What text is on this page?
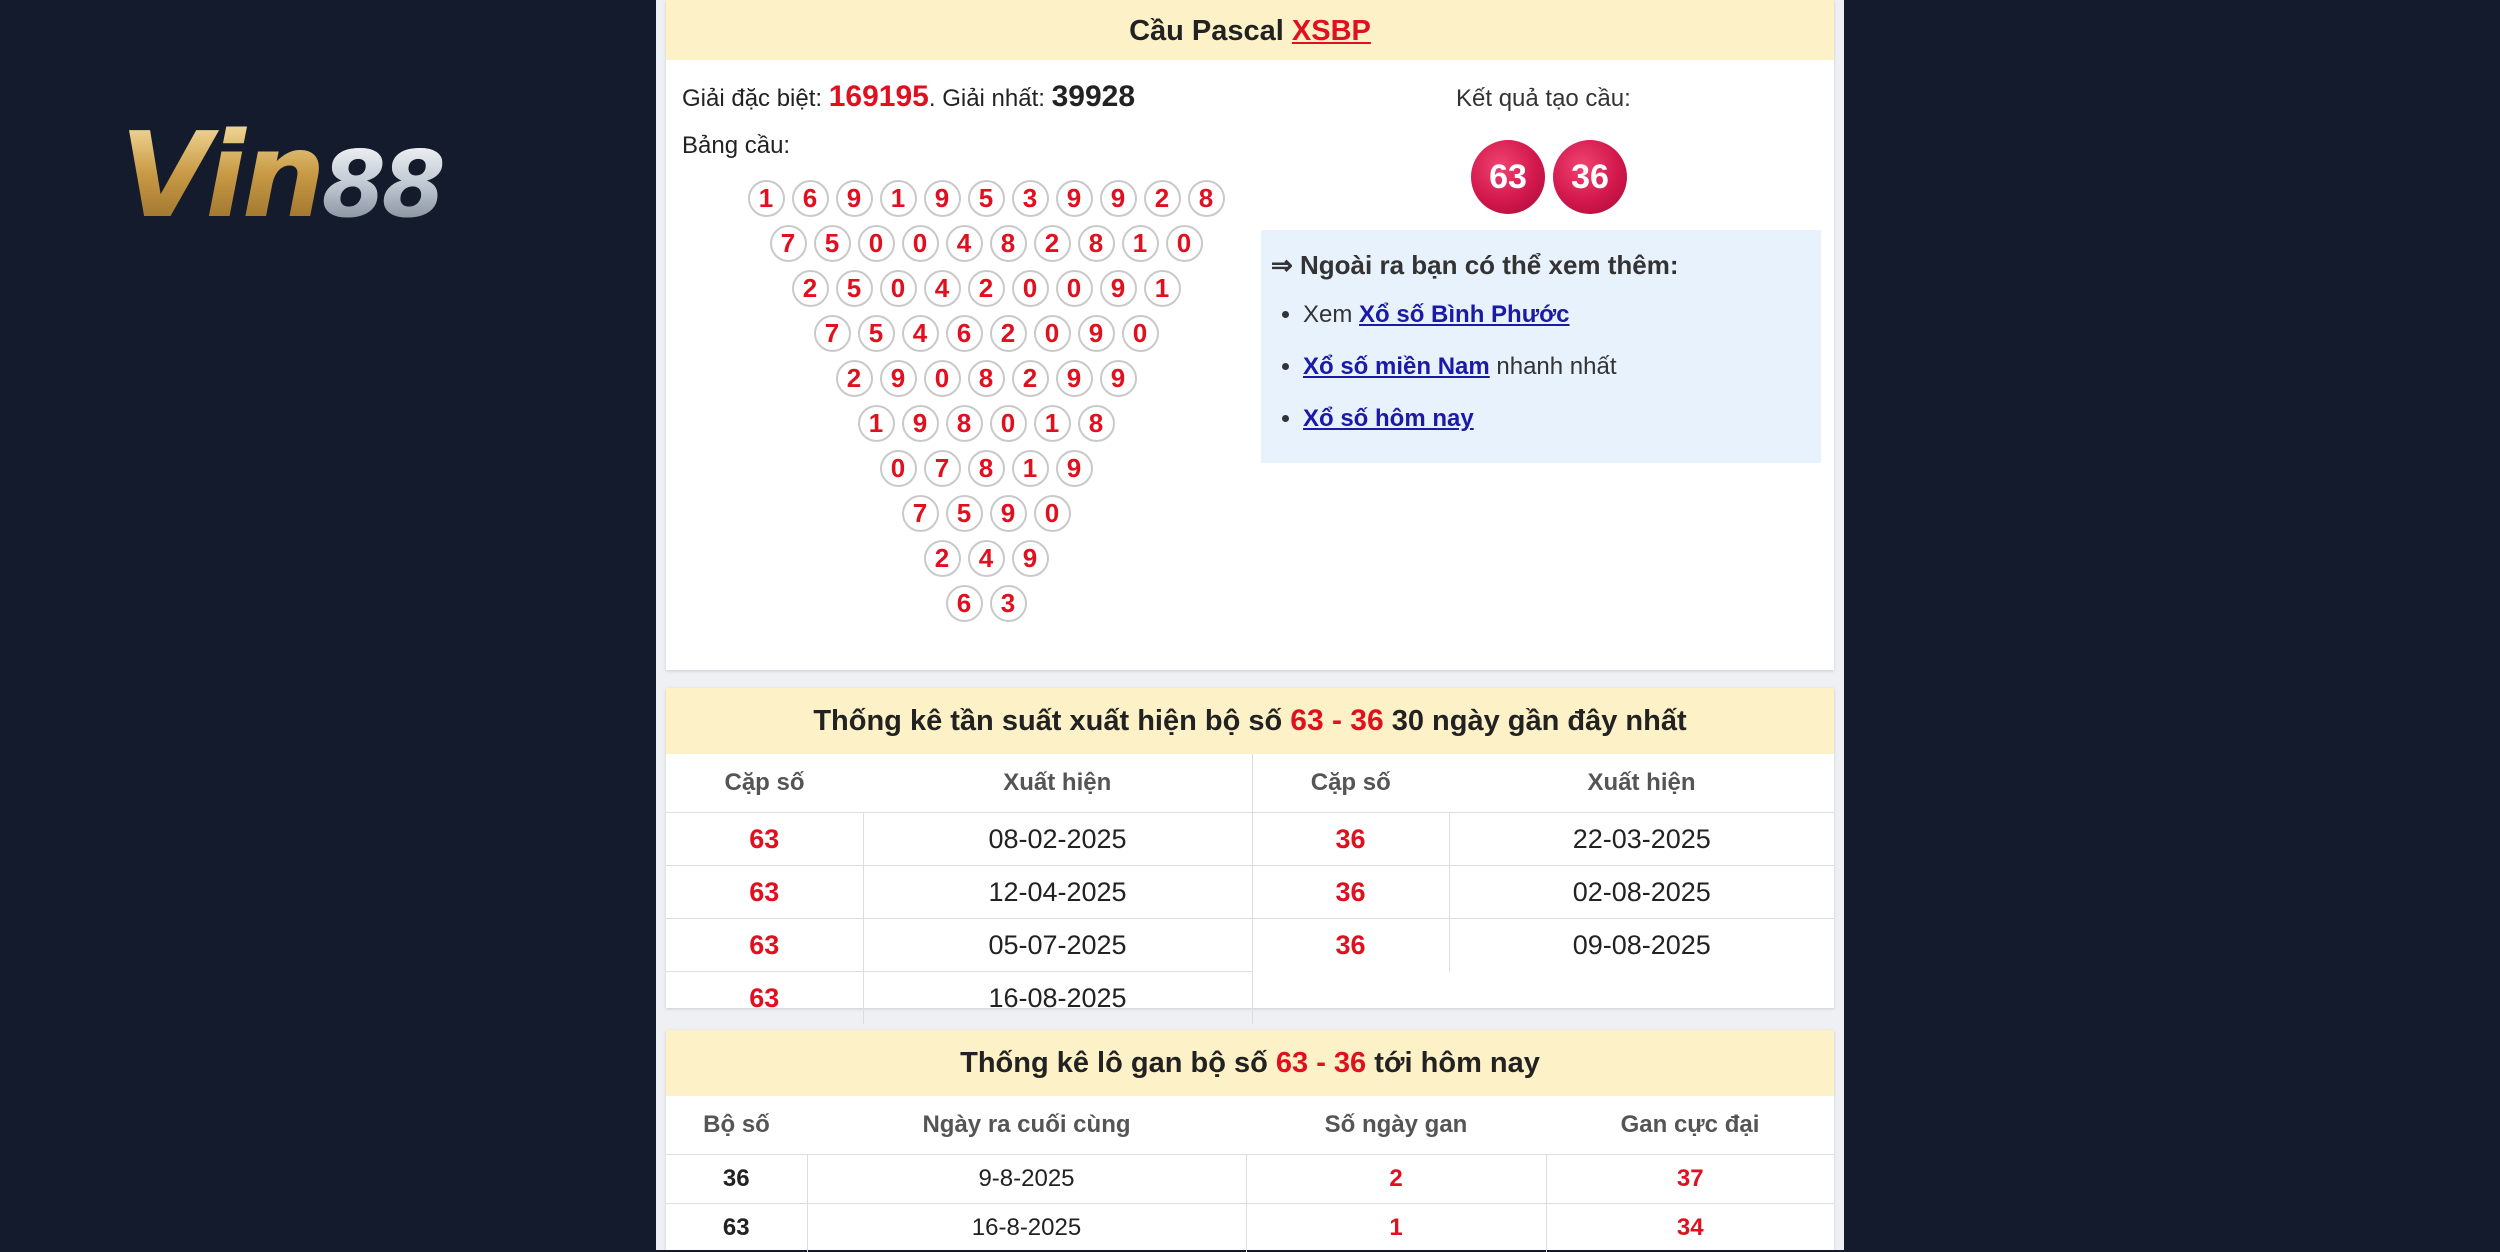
Vin88
Cầu Pascal XSBP
Giải đặc biệt: 169195. Giải nhất: 39928
Bảng cầu:
1	6	9	1	9	5	3	9	9	2	8
7	5	0	0	4	8	2	8	1	0
2	5	0	4	2	0	0	9	1
7	5	4	6	2	0	9	0
2	9	0	8	2	9	9
1	9	8	0	1	8
0	7	8	1	9
7	5	9	0
2	4	9
6	3
Kết quả tạo cầu:
63	36
⇒ Ngoài ra bạn có thể xem thêm:
• Xem Xổ số Bình Phước
• Xổ số miền Nam nhanh nhất
• Xổ số hôm nay
Thống kê tần suất xuất hiện bộ số 63 - 36 30 ngày gần đây nhất
Cặp số	Xuất hiện	Cặp số	Xuất hiện
63	08-02-2025	36	22-03-2025
63	12-04-2025	36	02-08-2025
63	05-07-2025	36	09-08-2025
63	16-08-2025		
Thống kê lô gan bộ số 63 - 36 tới hôm nay
Bộ số	Ngày ra cuối cùng	Số ngày gan	Gan cực đại
36	9-8-2025	2	37
63	16-8-2025	1	34
